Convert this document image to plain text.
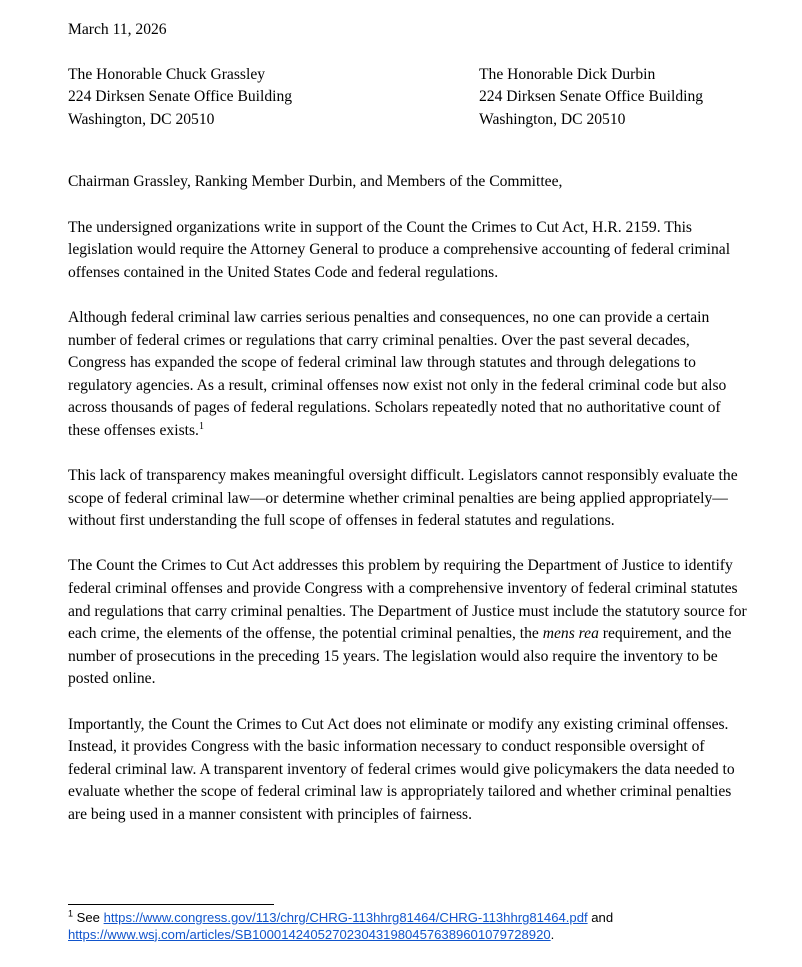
March 11, 2026

The Honorable Chuck Grassley
224 Dirksen Senate Office Building
Washington, DC 20510
The Honorable Dick Durbin
224 Dirksen Senate Office Building
Washington, DC 20510

Chairman Grassley, Ranking Member Durbin, and Members of the Committee,

The undersigned organizations write in support of the Count the Crimes to Cut Act, H.R. 2159. This legislation would require the Attorney General to produce a comprehensive accounting of federal criminal offenses contained in the United States Code and federal regulations.

Although federal criminal law carries serious penalties and consequences, no one can provide a certain number of federal crimes or regulations that carry criminal penalties. Over the past several decades, Congress has expanded the scope of federal criminal law through statutes and through delegations to regulatory agencies. As a result, criminal offenses now exist not only in the federal criminal code but also across thousands of pages of federal regulations. Scholars repeatedly noted that no authoritative count of these offenses exists.$^1$

This lack of transparency makes meaningful oversight difficult. Legislators cannot responsibly evaluate the scope of federal criminal law—or determine whether criminal penalties are being applied appropriately—without first understanding the full scope of offenses in federal statutes and regulations.

The Count the Crimes to Cut Act addresses this problem by requiring the Department of Justice to identify federal criminal offenses and provide Congress with a comprehensive inventory of federal criminal statutes and regulations that carry criminal penalties. The Department of Justice must include the statutory source for each crime, the elements of the offense, the potential criminal penalties, the mens rea requirement, and the number of prosecutions in the preceding 15 years. The legislation would also require the inventory to be posted online.

Importantly, the Count the Crimes to Cut Act does not eliminate or modify any existing criminal offenses. Instead, it provides Congress with the basic information necessary to conduct responsible oversight of federal criminal law. A transparent inventory of federal crimes would give policymakers the data needed to evaluate whether the scope of federal criminal law is appropriately tailored and whether criminal penalties are being used in a manner consistent with principles of fairness.

$^1$ See https://www.congress.gov/113/chrg/CHRG-113hhrg81464/CHRG-113hhrg81464.pdf and
https://www.wsj.com/articles/SB10001424052702304319804576389601079728920.
